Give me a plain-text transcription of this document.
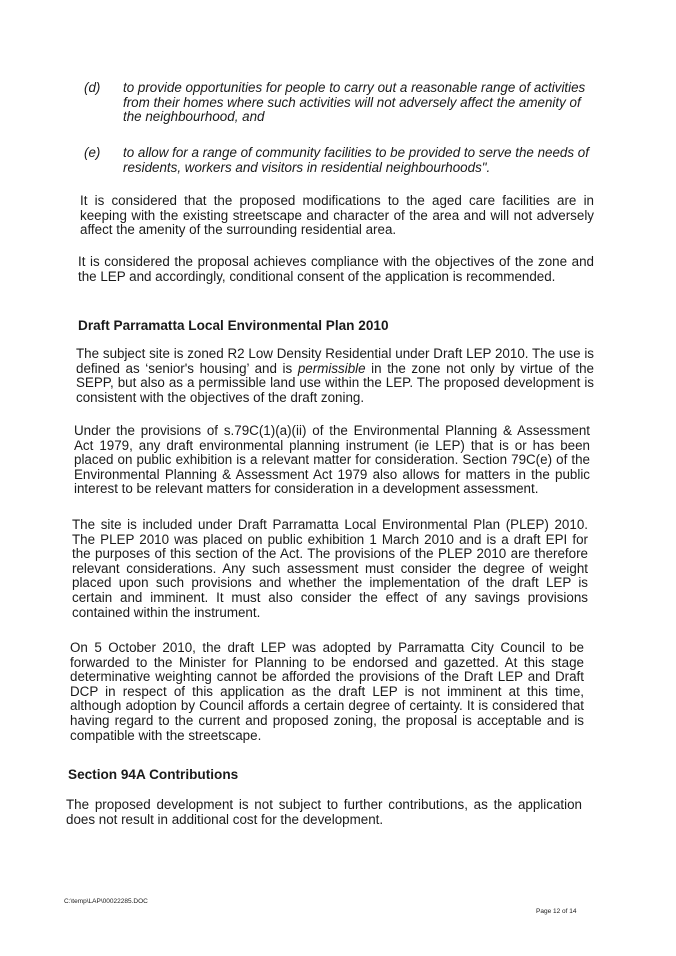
(d) to provide opportunities for people to carry out a reasonable range of activities from their homes where such activities will not adversely affect the amenity of the neighbourhood, and

(e) to allow for a range of community facilities to be provided to serve the needs of residents, workers and visitors in residential neighbourhoods".

It is considered that the proposed modifications to the aged care facilities are in keeping with the existing streetscape and character of the area and will not adversely affect the amenity of the surrounding residential area.

It is considered the proposal achieves compliance with the objectives of the zone and the LEP and accordingly, conditional consent of the application is recommended.

Draft Parramatta Local Environmental Plan 2010

The subject site is zoned R2 Low Density Residential under Draft LEP 2010. The use is defined as ‘senior's housing’ and is permissible in the zone not only by virtue of the SEPP, but also as a permissible land use within the LEP. The proposed development is consistent with the objectives of the draft zoning.

Under the provisions of s.79C(1)(a)(ii) of the Environmental Planning & Assessment Act 1979, any draft environmental planning instrument (ie LEP) that is or has been placed on public exhibition is a relevant matter for consideration. Section 79C(e) of the Environmental Planning & Assessment Act 1979 also allows for matters in the public interest to be relevant matters for consideration in a development assessment.

The site is included under Draft Parramatta Local Environmental Plan (PLEP) 2010. The PLEP 2010 was placed on public exhibition 1 March 2010 and is a draft EPI for the purposes of this section of the Act. The provisions of the PLEP 2010 are therefore relevant considerations. Any such assessment must consider the degree of weight placed upon such provisions and whether the implementation of the draft LEP is certain and imminent. It must also consider the effect of any savings provisions contained within the instrument.

On 5 October 2010, the draft LEP was adopted by Parramatta City Council to be forwarded to the Minister for Planning to be endorsed and gazetted. At this stage determinative weighting cannot be afforded the provisions of the Draft LEP and Draft DCP in respect of this application as the draft LEP is not imminent at this time, although adoption by Council affords a certain degree of certainty. It is considered that having regard to the current and proposed zoning, the proposal is acceptable and is compatible with the streetscape.

Section 94A Contributions

The proposed development is not subject to further contributions, as the application does not result in additional cost for the development.

C:\temp\LAP\00022285.DOC
Page 12 of 14
